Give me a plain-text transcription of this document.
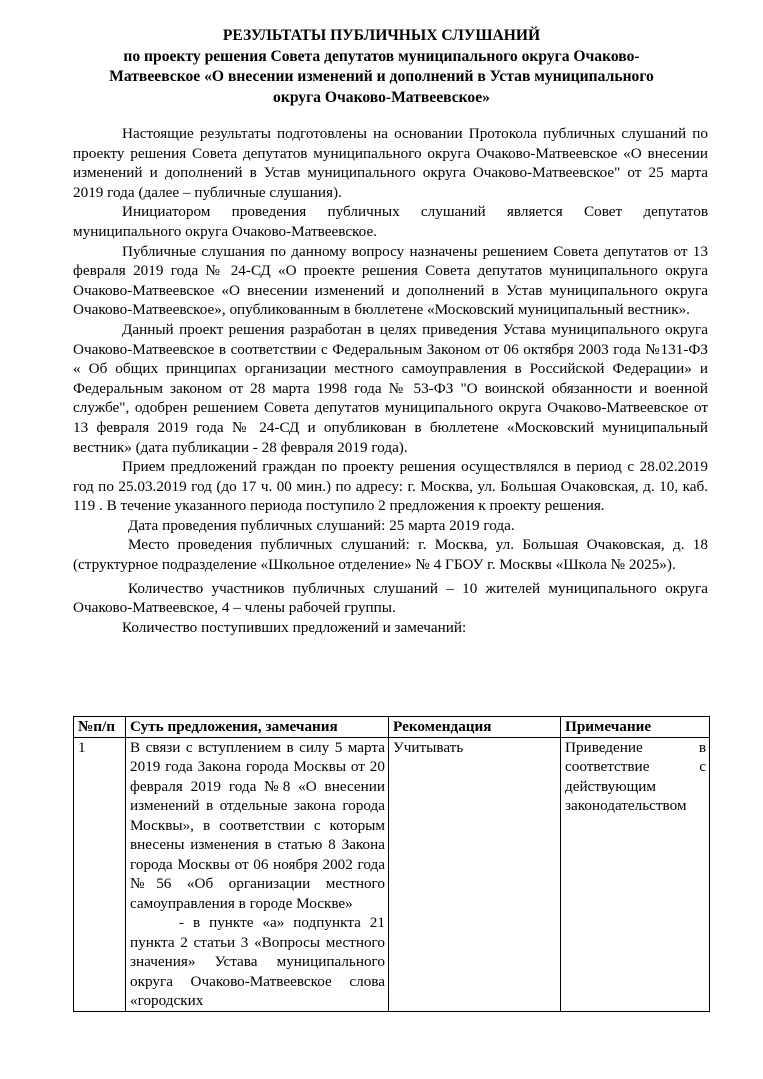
РЕЗУЛЬТАТЫ ПУБЛИЧНЫХ СЛУШАНИЙ
по проекту решения Совета депутатов муниципального округа Очаково-
Матвеевское «О внесении изменений и дополнений в Устав муниципального
округа Очаково-Матвеевское»

Настоящие результаты подготовлены на основании Протокола публичных слушаний по проекту решения Совета депутатов муниципального округа Очаково-Матвеевское «О внесении изменений и дополнений в Устав муниципального округа Очаково-Матвеевское" от 25 марта 2019 года (далее – публичные слушания).

Инициатором проведения публичных слушаний является Совет депутатов муниципального округа Очаково-Матвеевское.

Публичные слушания по данному вопросу назначены решением Совета депутатов от 13 февраля 2019 года № 24-СД «О проекте решения Совета депутатов муниципального округа Очаково-Матвеевское «О внесении изменений и дополнений в Устав муниципального округа Очаково-Матвеевское», опубликованным в бюллетене «Московский муниципальный вестник».

Данный проект решения разработан в целях приведения Устава муниципального округа Очаково-Матвеевское в соответствии с Федеральным Законом от 06 октября 2003 года №131-ФЗ « Об общих принципах организации местного самоуправления в Российской Федерации» и Федеральным законом от 28 марта 1998 года № 53-ФЗ "О воинской обязанности и военной службе", одобрен решением Совета депутатов муниципального округа Очаково-Матвеевское от 13 февраля 2019 года № 24-СД и опубликован в бюллетене «Московский муниципальный вестник» (дата публикации - 28 февраля 2019 года).

Прием предложений граждан по проекту решения осуществлялся в период с 28.02.2019 год по 25.03.2019 год (до 17 ч. 00 мин.) по адресу: г. Москва, ул. Большая Очаковская, д. 10, каб. 119 . В течение указанного периода поступило 2 предложения к проекту решения.

Дата проведения публичных слушаний: 25 марта 2019 года.

Место проведения публичных слушаний: г. Москва, ул. Большая Очаковская, д. 18 (структурное подразделение «Школьное отделение» № 4 ГБОУ г. Москвы «Школа № 2025»).

Количество участников публичных слушаний – 10 жителей муниципального округа Очаково-Матвеевское, 4 – члены рабочей группы.

Количество поступивших предложений и замечаний:

№п/п	Суть предложения, замечания	Рекомендация	Примечание
1	В связи с вступлением в силу 5 марта 2019 года Закона города Москвы от 20 февраля 2019 года №8 «О внесении изменений в отдельные закона города Москвы», в соответствии с которым внесены изменения в статью 8 Закона города Москвы от 06 ноября 2002 года №56 «Об организации местного самоуправления в городе Москве»
- в пункте «а» подпункта 21 пункта 2 статьи 3 «Вопросы местного значения» Устава муниципального округа Очаково-Матвеевское слова «городских	Учитывать	Приведение в соответствие с действующим законодательством
